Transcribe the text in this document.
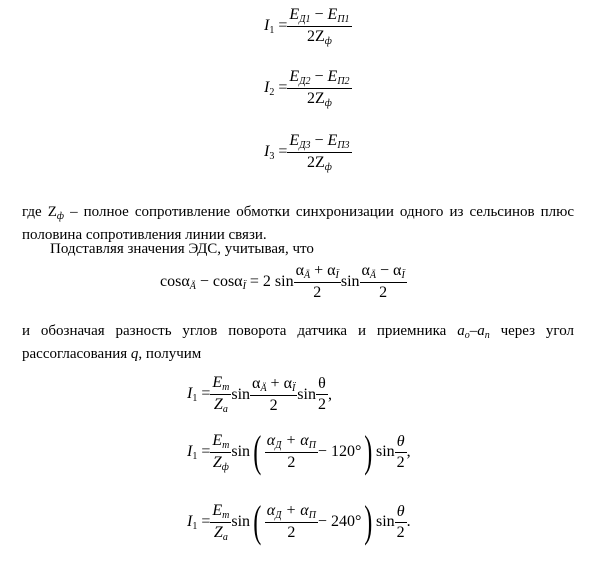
$I_1 = \frac{E_{Д1} - E_{П1}}{2Z_ф}$
$I_2 = \frac{E_{Д2} - E_{П2}}{2Z_ф}$
$I_3 = \frac{E_{Д3} - E_{П3}}{2Z_ф}$
где $Z_ф$ – полное сопротивление обмотки синхронизации одного из сельсинов плюс половина сопротивления линии связи.
Подставляя значения ЭДС, учитывая, что
cosα$_Ä$ − cosα$_Ï$ = 2 $\sin \frac{\alpha_Ä + \alpha_Ï}{2}$ $\sin \frac{\alpha_Ä - \alpha_Ï}{2}$
и обозначая разность углов поворота датчика и приемника $a_o-a_n$ через угол рассогласования q, получим
$I_1 = \frac{E_m}{Z_a}$ $\sin \frac{\alpha_Ä + \alpha_Ï}{2}$ $\sin \frac{\theta}{2}$ ,
$I_1 = \frac{E_m}{Z_ф}$ sin ( $\frac{\alpha_Д + \alpha_П}{2} - 120^\circ$ ) $\sin \frac{\theta}{2}$ ,
$I_1 = \frac{E_m}{Z_a}$ sin ( $\frac{\alpha_Д + \alpha_П}{2} - 240^\circ$ ) $\sin \frac{\theta}{2}$ .
